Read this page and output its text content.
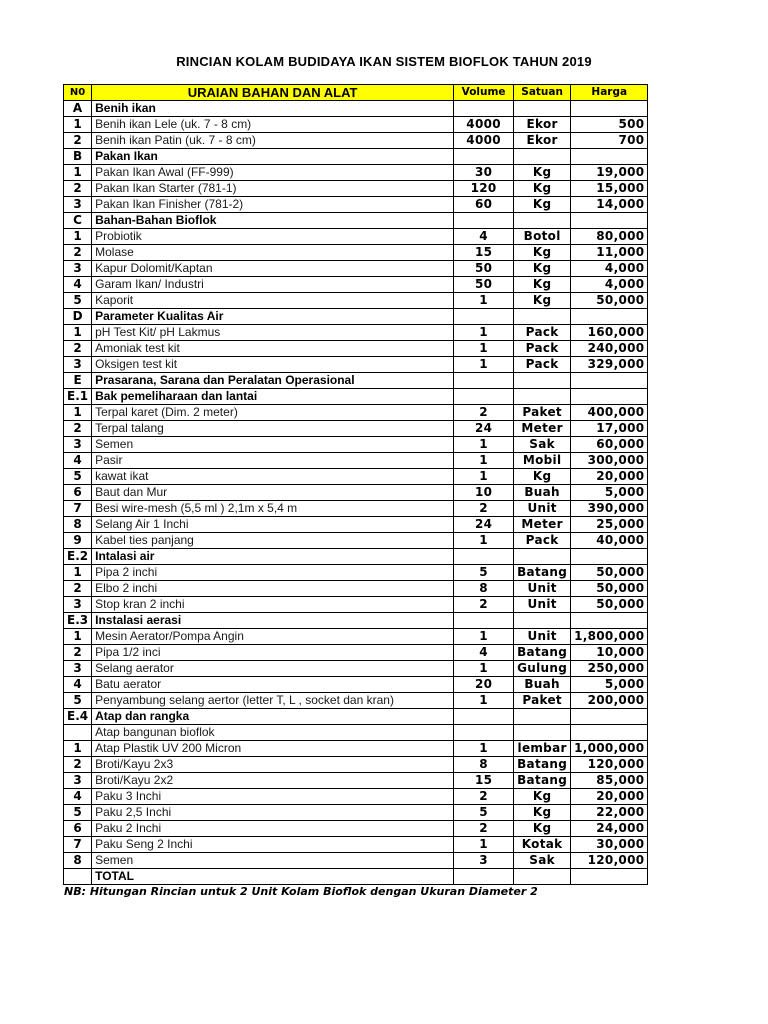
RINCIAN KOLAM BUDIDAYA IKAN SISTEM BIOFLOK TAHUN 2019
N0	URAIAN BAHAN DAN ALAT	Volume	Satuan	Harga
A	Benih ikan			
1	Benih ikan Lele (uk. 7 - 8 cm)	4000	Ekor	500
2	Benih ikan Patin (uk. 7 - 8 cm)	4000	Ekor	700
B	Pakan Ikan			
1	Pakan Ikan Awal (FF-999)	30	Kg	19,000
2	Pakan Ikan Starter (781-1)	120	Kg	15,000
3	Pakan Ikan Finisher (781-2)	60	Kg	14,000
C	Bahan-Bahan Bioflok			
1	Probiotik	4	Botol	80,000
2	Molase	15	Kg	11,000
3	Kapur Dolomit/Kaptan	50	Kg	4,000
4	Garam Ikan/ Industri	50	Kg	4,000
5	Kaporit	1	Kg	50,000
D	Parameter Kualitas Air			
1	pH Test Kit/ pH Lakmus	1	Pack	160,000
2	Amoniak test kit	1	Pack	240,000
3	Oksigen test kit	1	Pack	329,000
E	Prasarana, Sarana dan Peralatan Operasional			
E.1	Bak pemeliharaan dan lantai			
1	Terpal karet (Dim. 2 meter)	2	Paket	400,000
2	Terpal talang	24	Meter	17,000
3	Semen	1	Sak	60,000
4	Pasir	1	Mobil	300,000
5	kawat ikat	1	Kg	20,000
6	Baut dan Mur	10	Buah	5,000
7	Besi wire-mesh (5,5 ml ) 2,1m x 5,4 m	2	Unit	390,000
8	Selang Air 1 Inchi	24	Meter	25,000
9	Kabel ties panjang	1	Pack	40,000
E.2	Intalasi air			
1	Pipa 2 inchi	5	Batang	50,000
2	Elbo 2 inchi	8	Unit	50,000
3	Stop kran 2 inchi	2	Unit	50,000
E.3	Instalasi aerasi			
1	Mesin Aerator/Pompa Angin	1	Unit	1,800,000
2	Pipa 1/2 inci	4	Batang	10,000
3	Selang aerator	1	Gulung	250,000
4	Batu aerator	20	Buah	5,000
5	Penyambung selang aertor (letter T, L , socket dan kran)	1	Paket	200,000
E.4	Atap dan rangka			
	Atap bangunan bioflok			
1	Atap Plastik UV 200 Micron	1	lembar	1,000,000
2	Broti/Kayu 2x3	8	Batang	120,000
3	Broti/Kayu 2x2	15	Batang	85,000
4	Paku 3 Inchi	2	Kg	20,000
5	Paku 2,5 Inchi	5	Kg	22,000
6	Paku 2 Inchi	2	Kg	24,000
7	Paku Seng 2 Inchi	1	Kotak	30,000
8	Semen	3	Sak	120,000
	TOTAL			
NB: Hitungan Rincian untuk 2 Unit Kolam Bioflok dengan Ukuran Diameter 2
